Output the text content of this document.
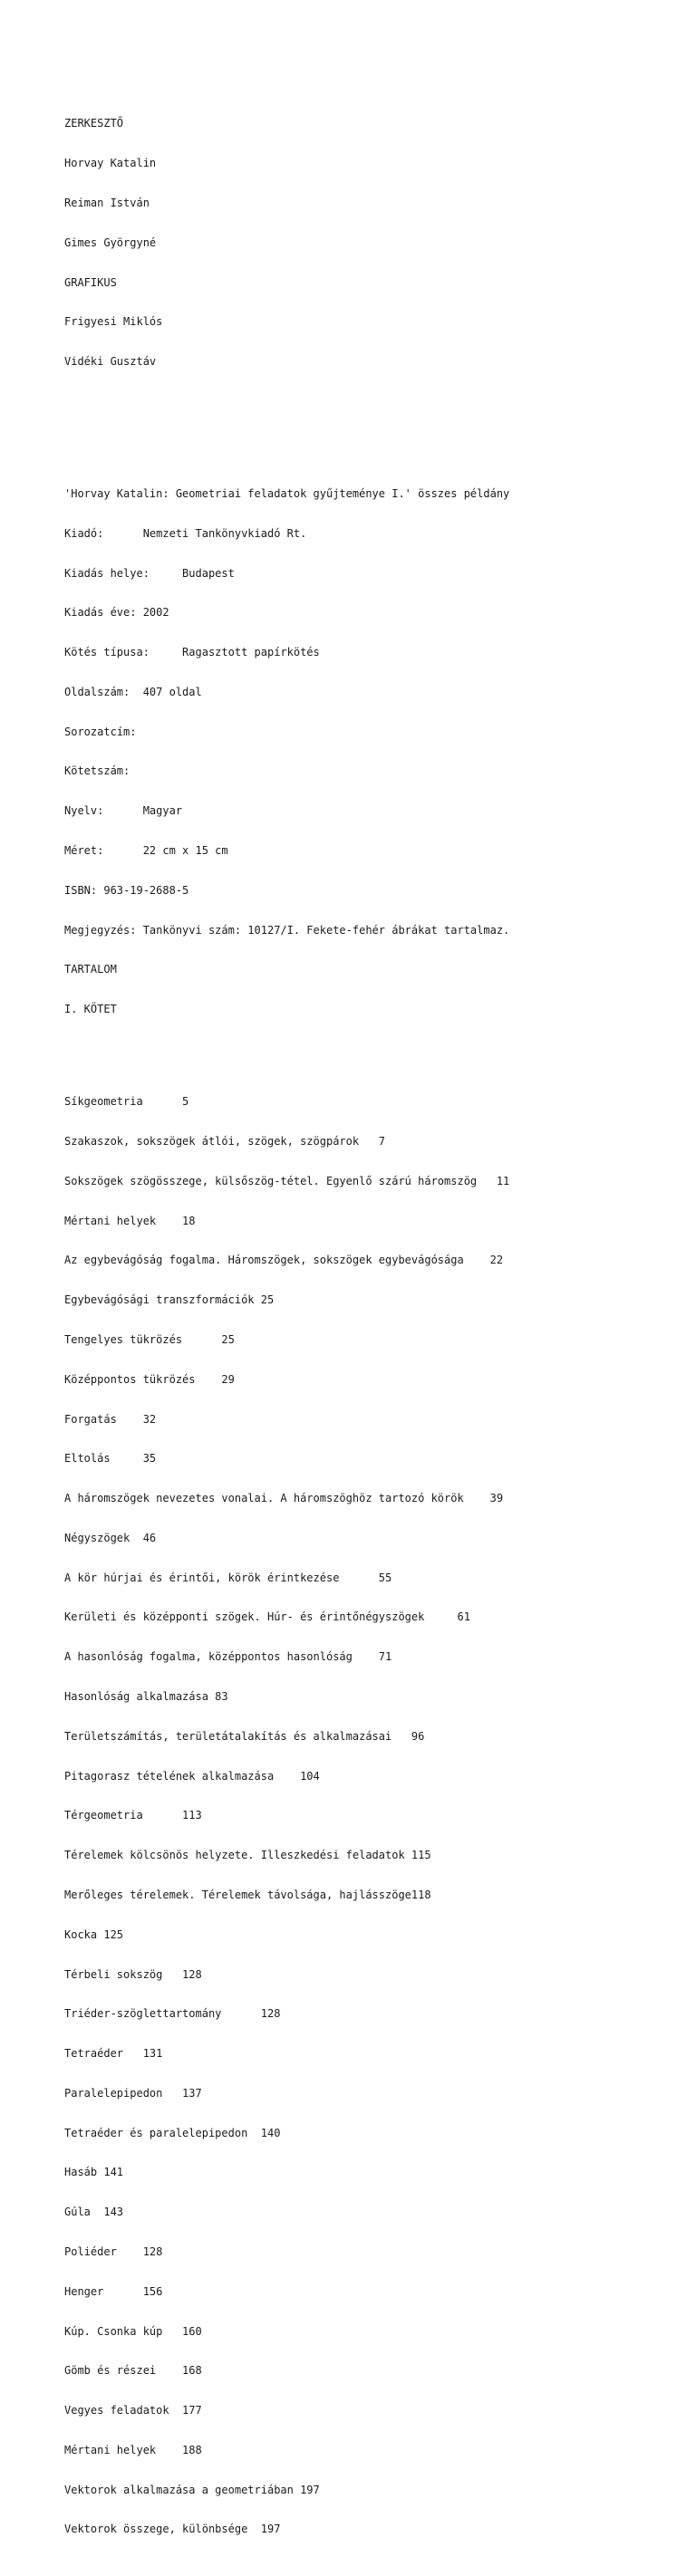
ZERKESZTŐ

Horvay Katalin

Reiman István

Gimes Györgyné

GRAFIKUS

Frigyesi Miklós

Vidéki Gusztáv

'Horvay Katalin: Geometriai feladatok gyűjteménye I.' összes példány

Kiadó:      Nemzeti Tankönyvkiadó Rt.

Kiadás helye:     Budapest

Kiadás éve: 2002

Kötés típusa:     Ragasztott papírkötés

Oldalszám:  407 oldal

Sorozatcím:

Kötetszám:

Nyelv:      Magyar

Méret:      22 cm x 15 cm

ISBN: 963-19-2688-5

Megjegyzés: Tankönyvi szám: 10127/I. Fekete-fehér ábrákat tartalmaz.

TARTALOM

I. KÖTET

Síkgeometria      5

Szakaszok, sokszögek átlói, szögek, szögpárok   7

Sokszögek szögösszege, külsőszög-tétel. Egyenlő szárú háromszög   11

Mértani helyek    18

Az egybevágóság fogalma. Háromszögek, sokszögek egybevágósága    22

Egybevágósági transzformációk 25

Tengelyes tükrözés      25

Középpontos tükrözés    29

Forgatás    32

Eltolás     35

A háromszögek nevezetes vonalai. A háromszöghöz tartozó körök    39

Négyszögek  46

A kör húrjai és érintői, körök érintkezése      55

Kerületi és középponti szögek. Húr- és érintőnégyszögek     61

A hasonlóság fogalma, középpontos hasonlóság    71

Hasonlóság alkalmazása 83

Területszámítás, területátalakítás és alkalmazásai   96

Pitagorasz tételének alkalmazása    104

Térgeometria      113

Térelemek kölcsönös helyzete. Illeszkedési feladatok 115

Merőleges térelemek. Térelemek távolsága, hajlásszöge118

Kocka 125

Térbeli sokszög   128

Triéder-szöglettartomány      128

Tetraéder   131

Paralelepipedon   137

Tetraéder és paralelepipedon  140

Hasáb 141

Gúla  143

Poliéder    128

Henger      156

Kúp. Csonka kúp   160

Gömb és részei    168

Vegyes feladatok  177

Mértani helyek    188

Vektorok alkalmazása a geometriában 197

Vektorok összege, különbsége  197
